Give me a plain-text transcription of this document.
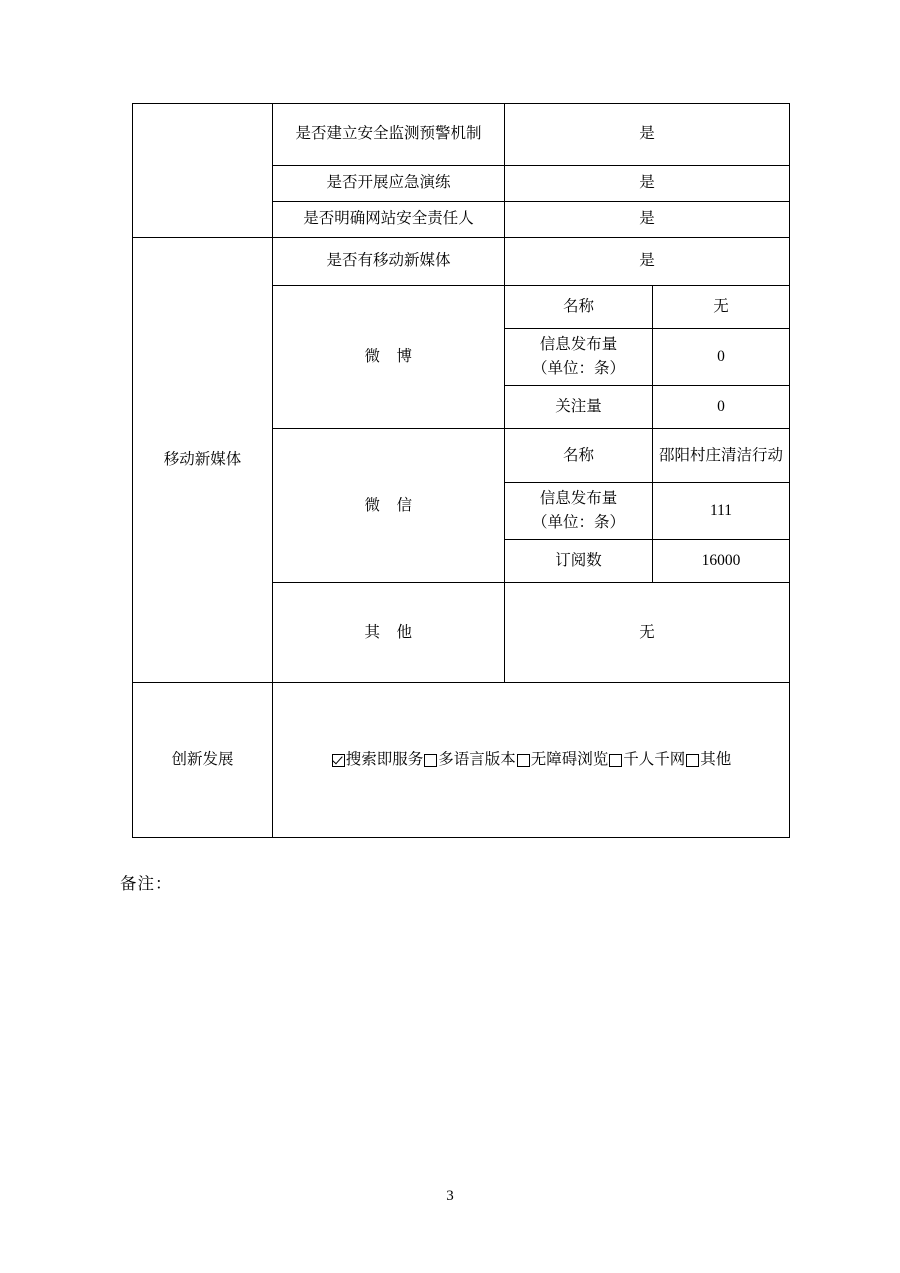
	是否建立安全监测预警机制	是	
	是否开展应急演练	是	
	是否明确网站安全责任人	是	
移动新媒体	是否有移动新媒体	是	
	微　博	名称	无

		信息发布量
（单位：条）	0
		关注量	0
	微　信	名称	邵阳村庄清洁行动

		信息发布量
（单位：条）	111
		订阅数	16000
	其　他	无	
创新发展	搜索即服务 多语言版本 无障碍浏览 千人千网 其他		
备注：
3
